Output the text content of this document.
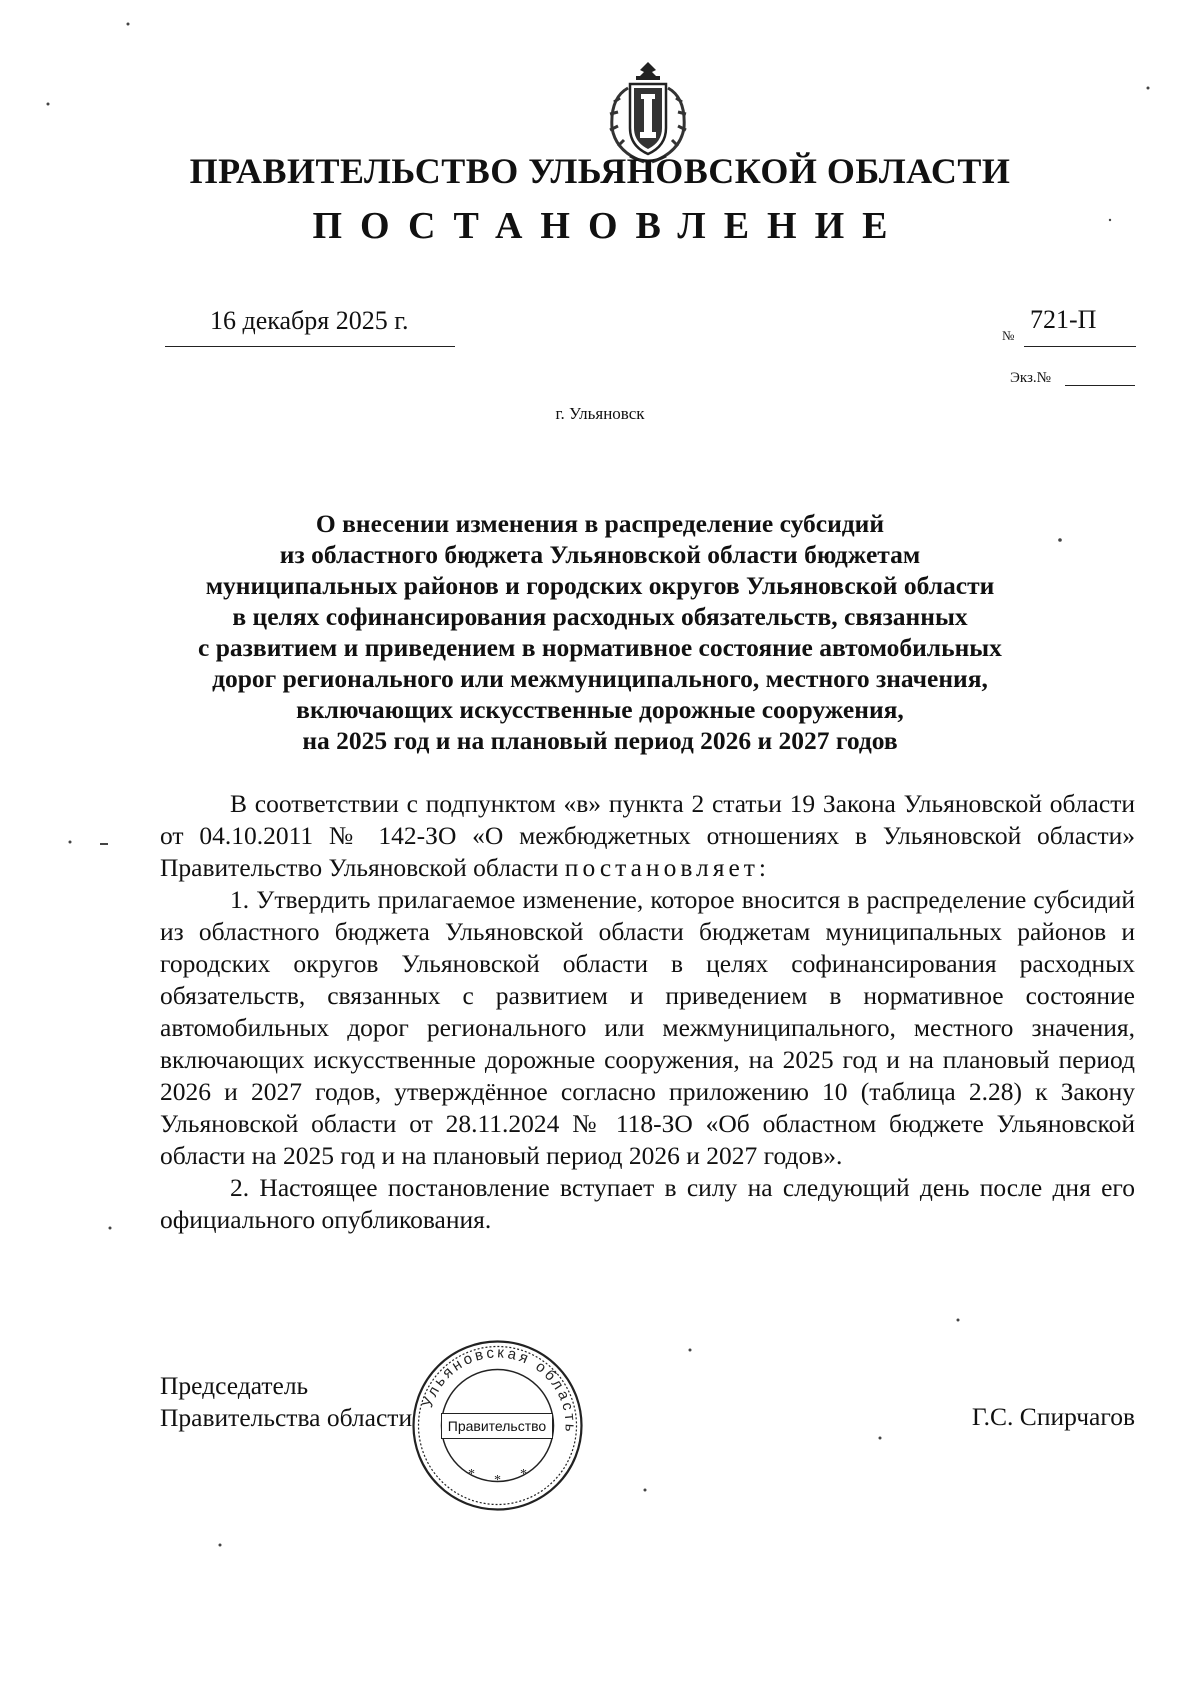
ПРАВИТЕЛЬСТВО УЛЬЯНОВСКОЙ ОБЛАСТИ
ПОСТАНОВЛЕНИЕ
16 декабря 2025 г.
№
721-П
Экз.№
г. Ульяновск
О внесении изменения в распределение субсидий
из областного бюджета Ульяновской области бюджетам
муниципальных районов и городских округов Ульяновской области
в целях софинансирования расходных обязательств, связанных
с развитием и приведением в нормативное состояние автомобильных
дорог регионального или межмуниципального, местного значения,
включающих искусственные дорожные сооружения,
на 2025 год и на плановый период 2026 и 2027 годов

В соответствии с подпунктом «в» пункта 2 статьи 19 Закона Ульяновской области от 04.10.2011 № 142-ЗО «О межбюджетных отношениях в Ульяновской области» Правительство Ульяновской области постановляет:

1. Утвердить прилагаемое изменение, которое вносится в распределение субсидий из областного бюджета Ульяновской области бюджетам муниципальных районов и городских округов Ульяновской области в целях софинансирования расходных обязательств, связанных с развитием и приведением в нормативное состояние автомобильных дорог регионального или межмуниципального, местного значения, включающих искусственные дорожные сооружения, на 2025 год и на плановый период 2026 и 2027 годов, утверждённое согласно приложению 10 (таблица 2.28) к Закону Ульяновской области от 28.11.2024 № 118-ЗО «Об областном бюджете Ульяновской области на 2025 год и на плановый период 2026 и 2027 годов».

2. Настоящее постановление вступает в силу на следующий день после дня его официального опубликования.

Председатель
Правительства области	Г.С. Спирчагов
Ульяновская область
* * *
Правительство
